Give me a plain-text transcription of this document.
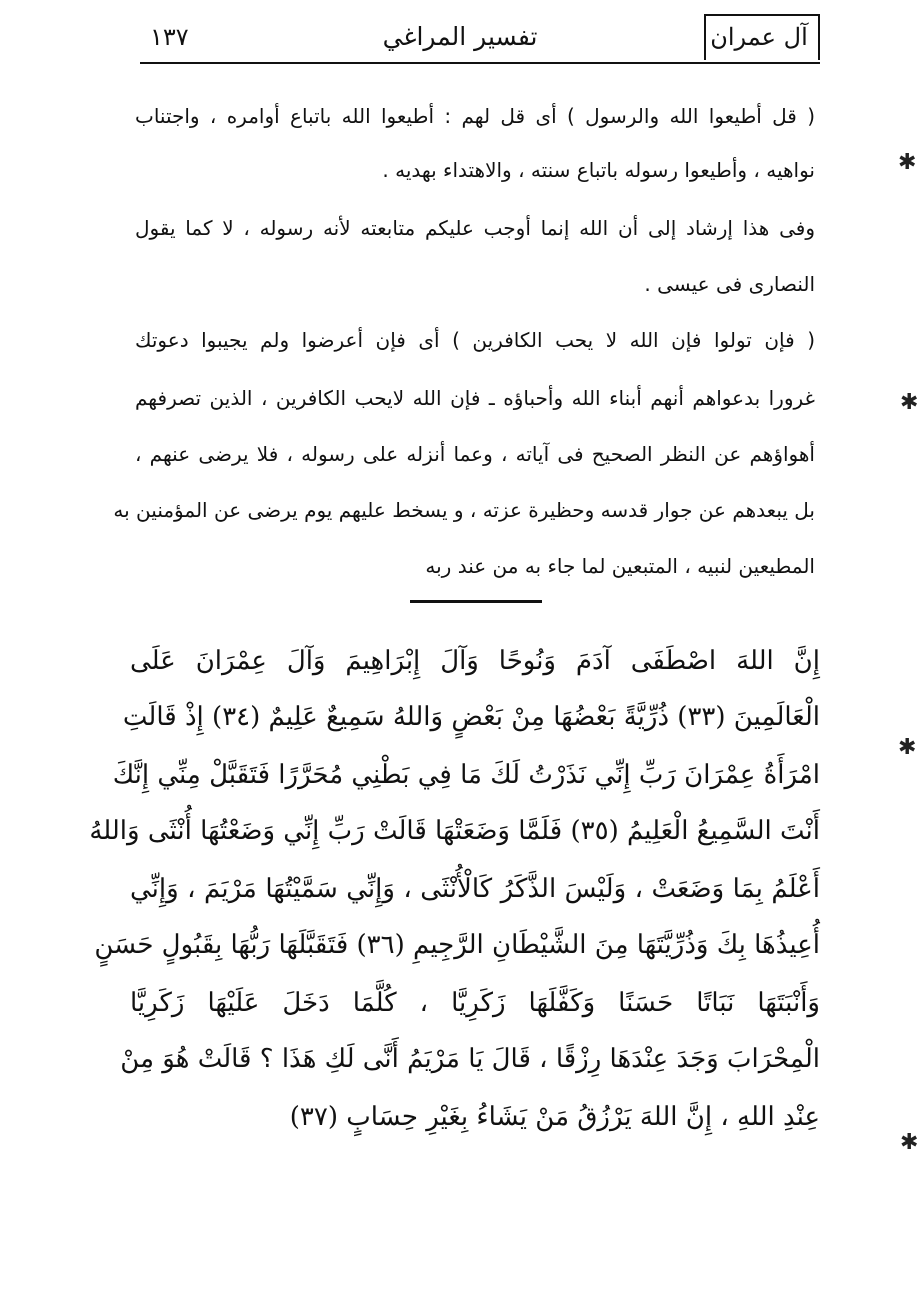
١٣٧	تفسير المراغي	آل عمران
( قل أطيعوا الله والرسول ) أى قل لهم : أطيعوا الله باتباع أوامره ، واجتناب
نواهيه ، وأطيعوا رسوله باتباع سنته ، والاهتداء بهديه .
وفى هذا إرشاد إلى أن الله إنما أوجب عليكم متابعته لأنه رسوله ، لا كما يقول
النصارى فى عيسى .
( فإن تولوا فإن الله لا يحب الكافرين ) أى فإن أعرضوا ولم يجيبوا دعوتك
غرورا بدعواهم أنهم أبناء الله وأحباؤه ـ فإن الله لايحب الكافرين ، الذين تصرفهم
أهواؤهم عن النظر الصحيح فى آياته ، وعما أنزله على رسوله ، فلا يرضى عنهم ،
بل يبعدهم عن جوار قدسه وحظيرة عزته ، و يسخط عليهم يوم يرضى عن المؤمنين به
المطيعين لنبيه ، المتبعين لما جاء به من عند ربه
إِنَّ اللهَ اصْطَفَى آدَمَ وَنُوحًا وَآلَ إِبْرَاهِيمَ وَآلَ عِمْرَانَ عَلَى
الْعَالَمِينَ (٣٣) ذُرِّيَّةً بَعْضُهَا مِنْ بَعْضٍ وَاللهُ سَمِيعٌ عَلِيمٌ (٣٤) إِذْ قَالَتِ
امْرَأَةُ عِمْرَانَ رَبِّ إِنِّي نَذَرْتُ لَكَ مَا فِي بَطْنِي مُحَرَّرًا فَتَقَبَّلْ مِنِّي إِنَّكَ
أَنْتَ السَّمِيعُ الْعَلِيمُ (٣٥) فَلَمَّا وَضَعَتْهَا قَالَتْ رَبِّ إِنِّي وَضَعْتُهَا أُنْثَى وَاللهُ
أَعْلَمُ بِمَا وَضَعَتْ ، وَلَيْسَ الذَّكَرُ كَالْأُنْثَى ، وَإِنِّي سَمَّيْتُهَا مَرْيَمَ ، وَإِنِّي
أُعِيذُهَا بِكَ وَذُرِّيَّتَهَا مِنَ الشَّيْطَانِ الرَّجِيمِ (٣٦) فَتَقَبَّلَهَا رَبُّهَا بِقَبُولٍ حَسَنٍ
وَأَنْبَتَهَا نَبَاتًا حَسَنًا وَكَفَّلَهَا زَكَرِيَّا ، كُلَّمَا دَخَلَ عَلَيْهَا زَكَرِيَّا
الْمِحْرَابَ وَجَدَ عِنْدَهَا رِزْقًا ، قَالَ يَا مَرْيَمُ أَنَّى لَكِ هَذَا ؟ قَالَتْ هُوَ مِنْ
عِنْدِ اللهِ ، إِنَّ اللهَ يَرْزُقُ مَنْ يَشَاءُ بِغَيْرِ حِسَابٍ (٣٧)
✱
✱
✱
✱
